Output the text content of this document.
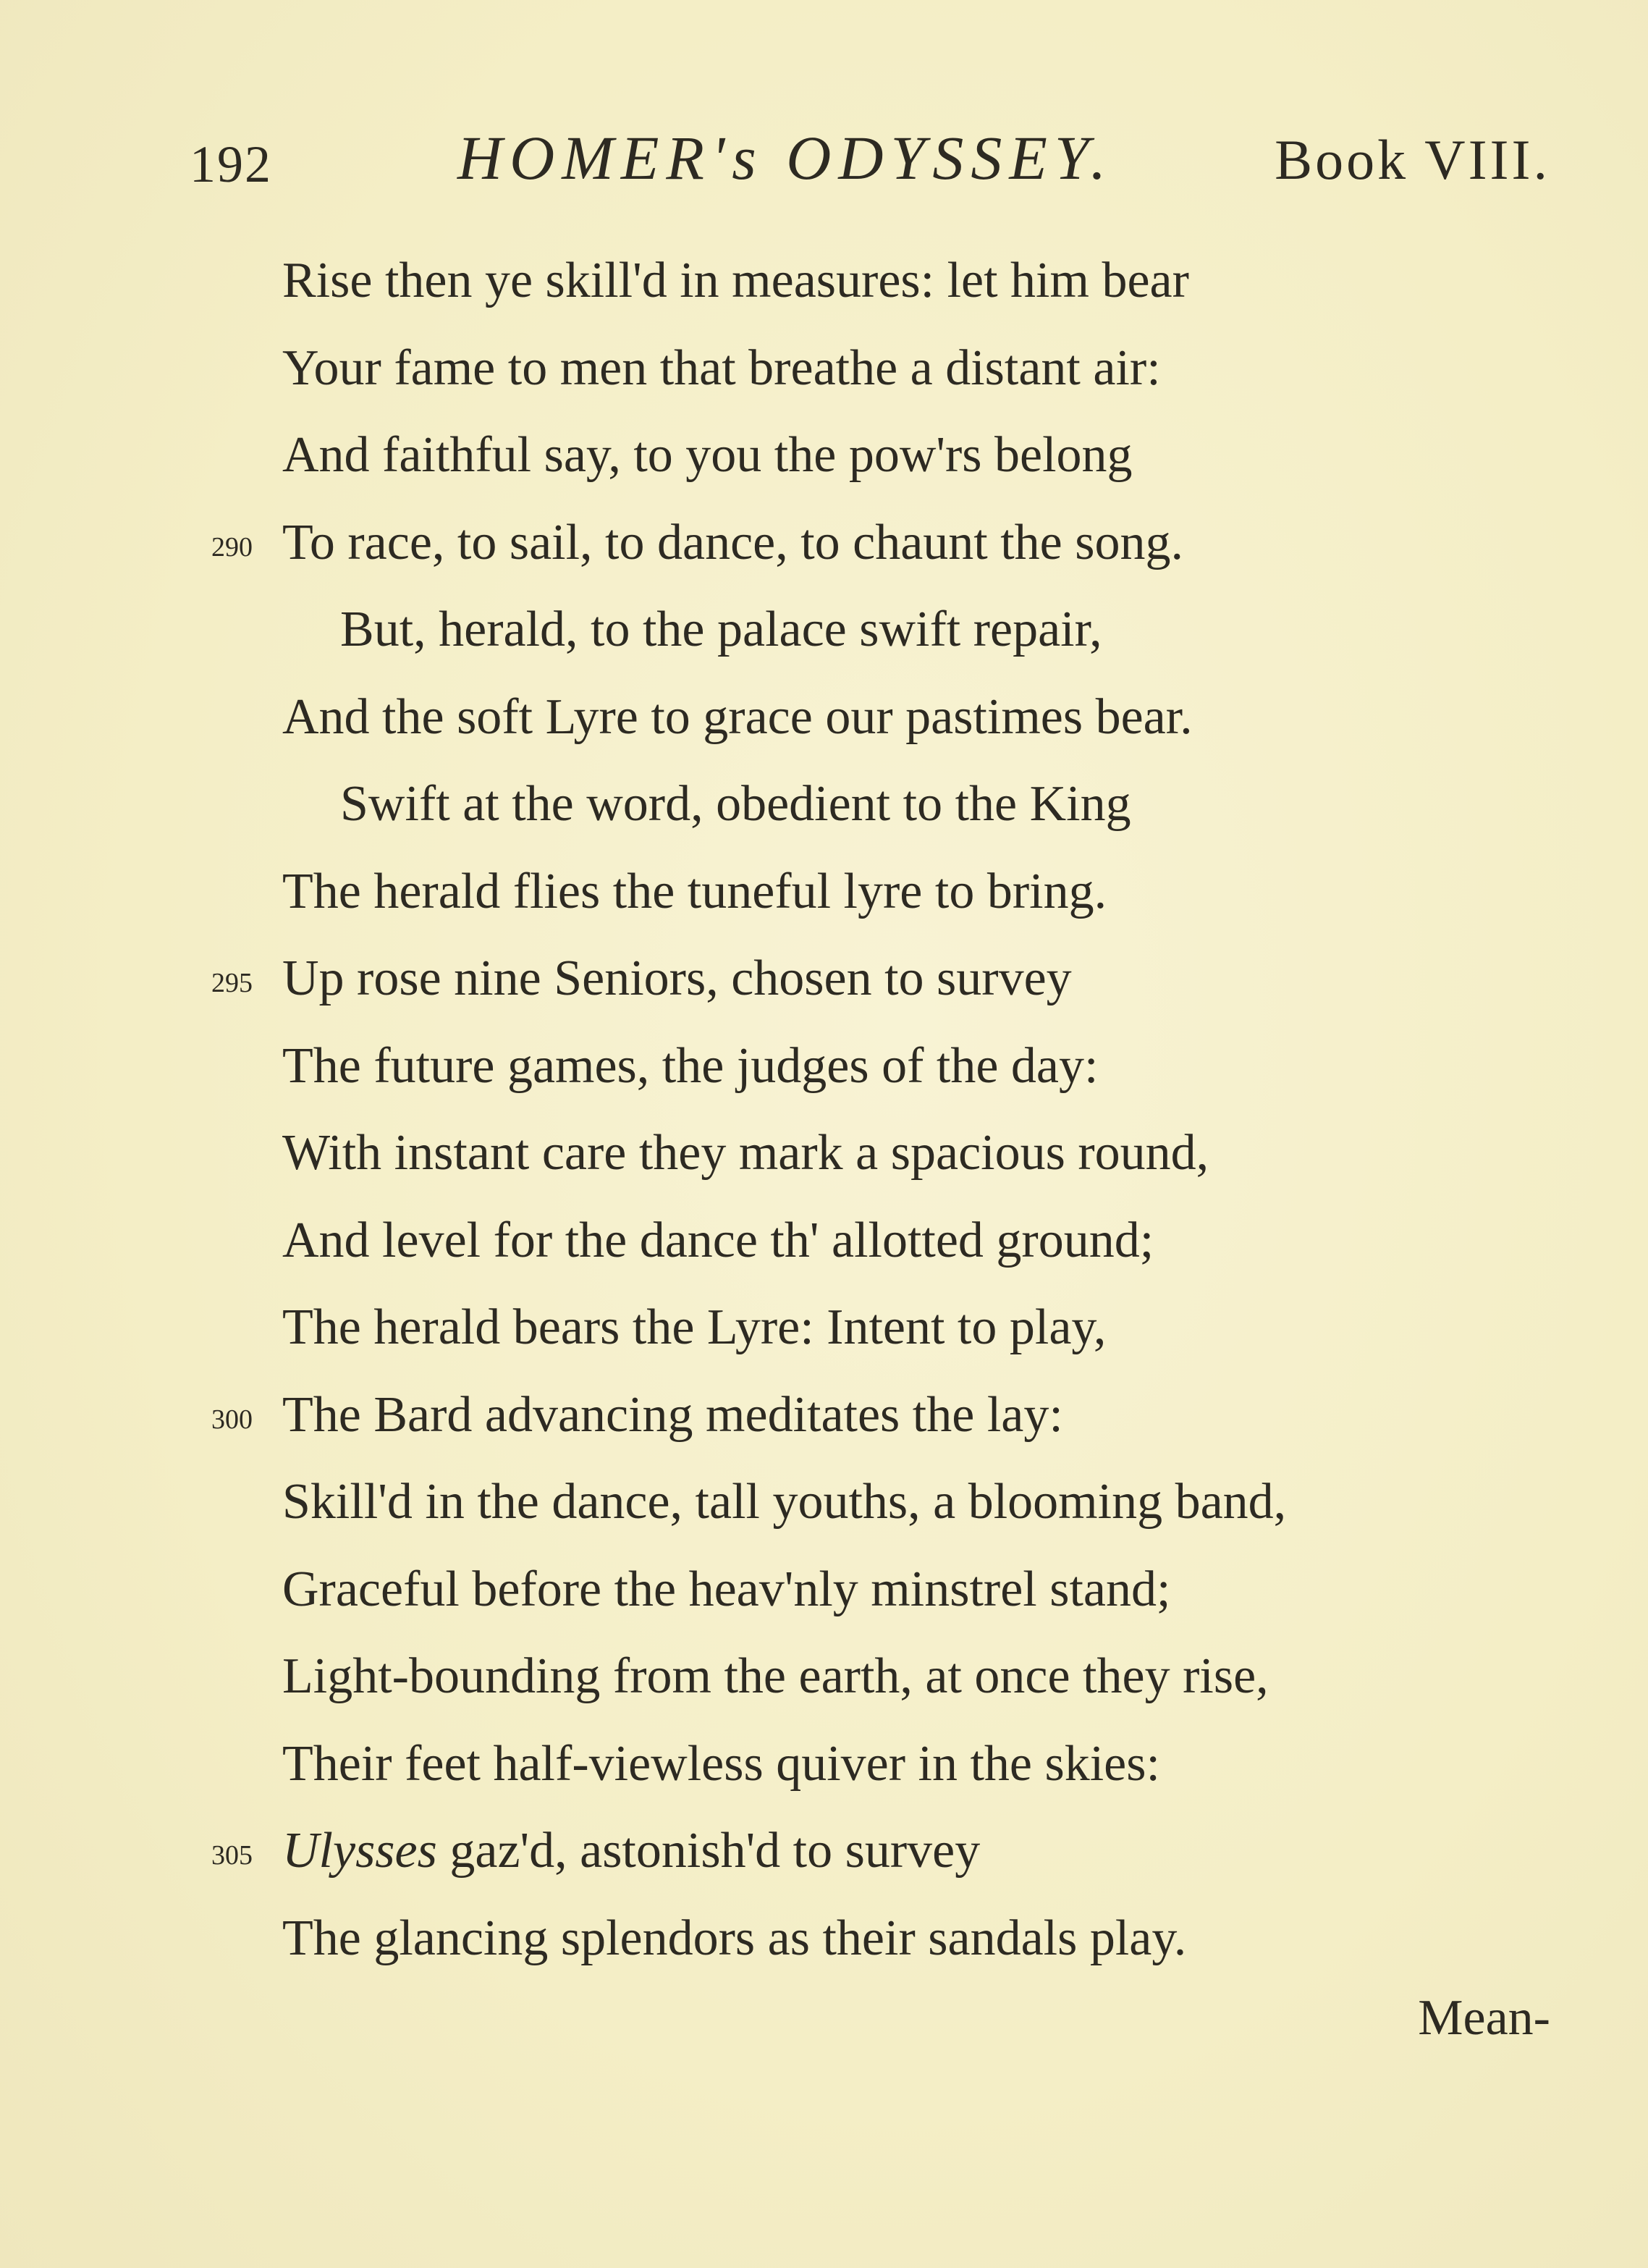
192	HOMER's ODYSSEY.	Book VIII.
Rise then ye skill'd in measures: let him bear
Your fame to men that breathe a distant air:
And faithful say, to you the pow'rs belong
290 To race, to sail, to dance, to chaunt the song.
But, herald, to the palace swift repair,
And the soft Lyre to grace our pastimes bear.
Swift at the word, obedient to the King
The herald flies the tuneful lyre to bring.
295 Up rose nine Seniors, chosen to survey
The future games, the judges of the day:
With instant care they mark a spacious round,
And level for the dance th' allotted ground;
The herald bears the Lyre: Intent to play,
300 The Bard advancing meditates the lay:
Skill'd in the dance, tall youths, a blooming band,
Graceful before the heav'nly minstrel stand;
Light-bounding from the earth, at once they rise,
Their feet half-viewless quiver in the skies:
305 Ulysses gaz'd, astonish'd to survey
The glancing splendors as their sandals play.
Mean-
